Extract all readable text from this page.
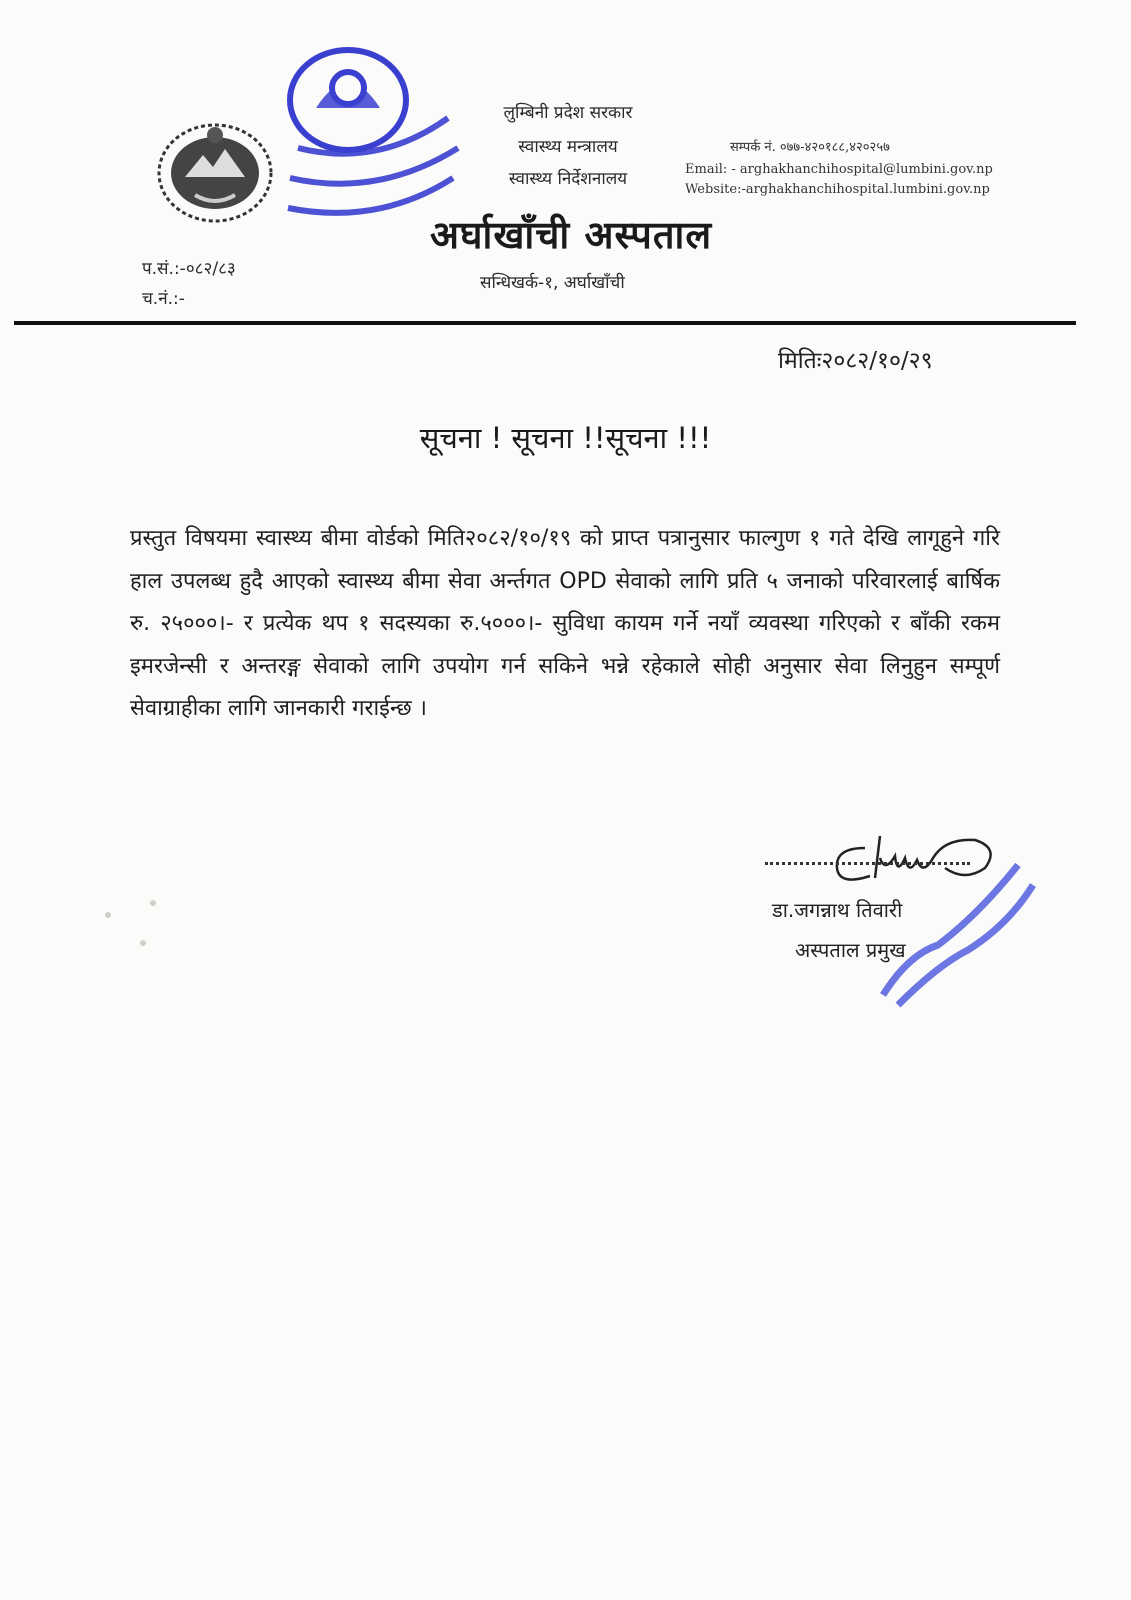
लुम्बिनी प्रदेश सरकार
स्वास्थ्य मन्त्रालय
स्वास्थ्य निर्देशनालय
सम्पर्क नं. ०७७-४२०१८८,४२०२५७
Email: - arghakhanchihospital@lumbini.gov.np
Website:-arghakhanchihospital.lumbini.gov.np
अर्घाखाँची अस्पताल
सन्धिखर्क-१, अर्घाखाँची
प.सं.:-०८२/८३
च.नं.:-
मितिः२०८२/१०/२९
सूचना ! सूचना !!सूचना !!!
प्रस्तुत विषयमा स्वास्थ्य बीमा वोर्डको मिति२०८२/१०/१९ को प्राप्त पत्रानुसार फाल्गुण १ गते देखि लागूहुने गरि हाल उपलब्ध हुदै आएको स्वास्थ्य बीमा सेवा अर्न्तगत OPD सेवाको लागि प्रति ५ जनाको परिवारलाई बार्षिक रु. २५०००।- र प्रत्येक थप १ सदस्यका रु.५०००।- सुविधा कायम गर्ने नयाँ व्यवस्था गरिएको र बाँकी रकम इमरजेन्सी र अन्तरङ्ग सेवाको लागि उपयोग गर्न सकिने भन्ने रहेकाले सोही अनुसार सेवा लिनुहुन सम्पूर्ण सेवाग्राहीका लागि जानकारी गराईन्छ ।
डा.जगन्नाथ तिवारी
अस्पताल प्रमुख
